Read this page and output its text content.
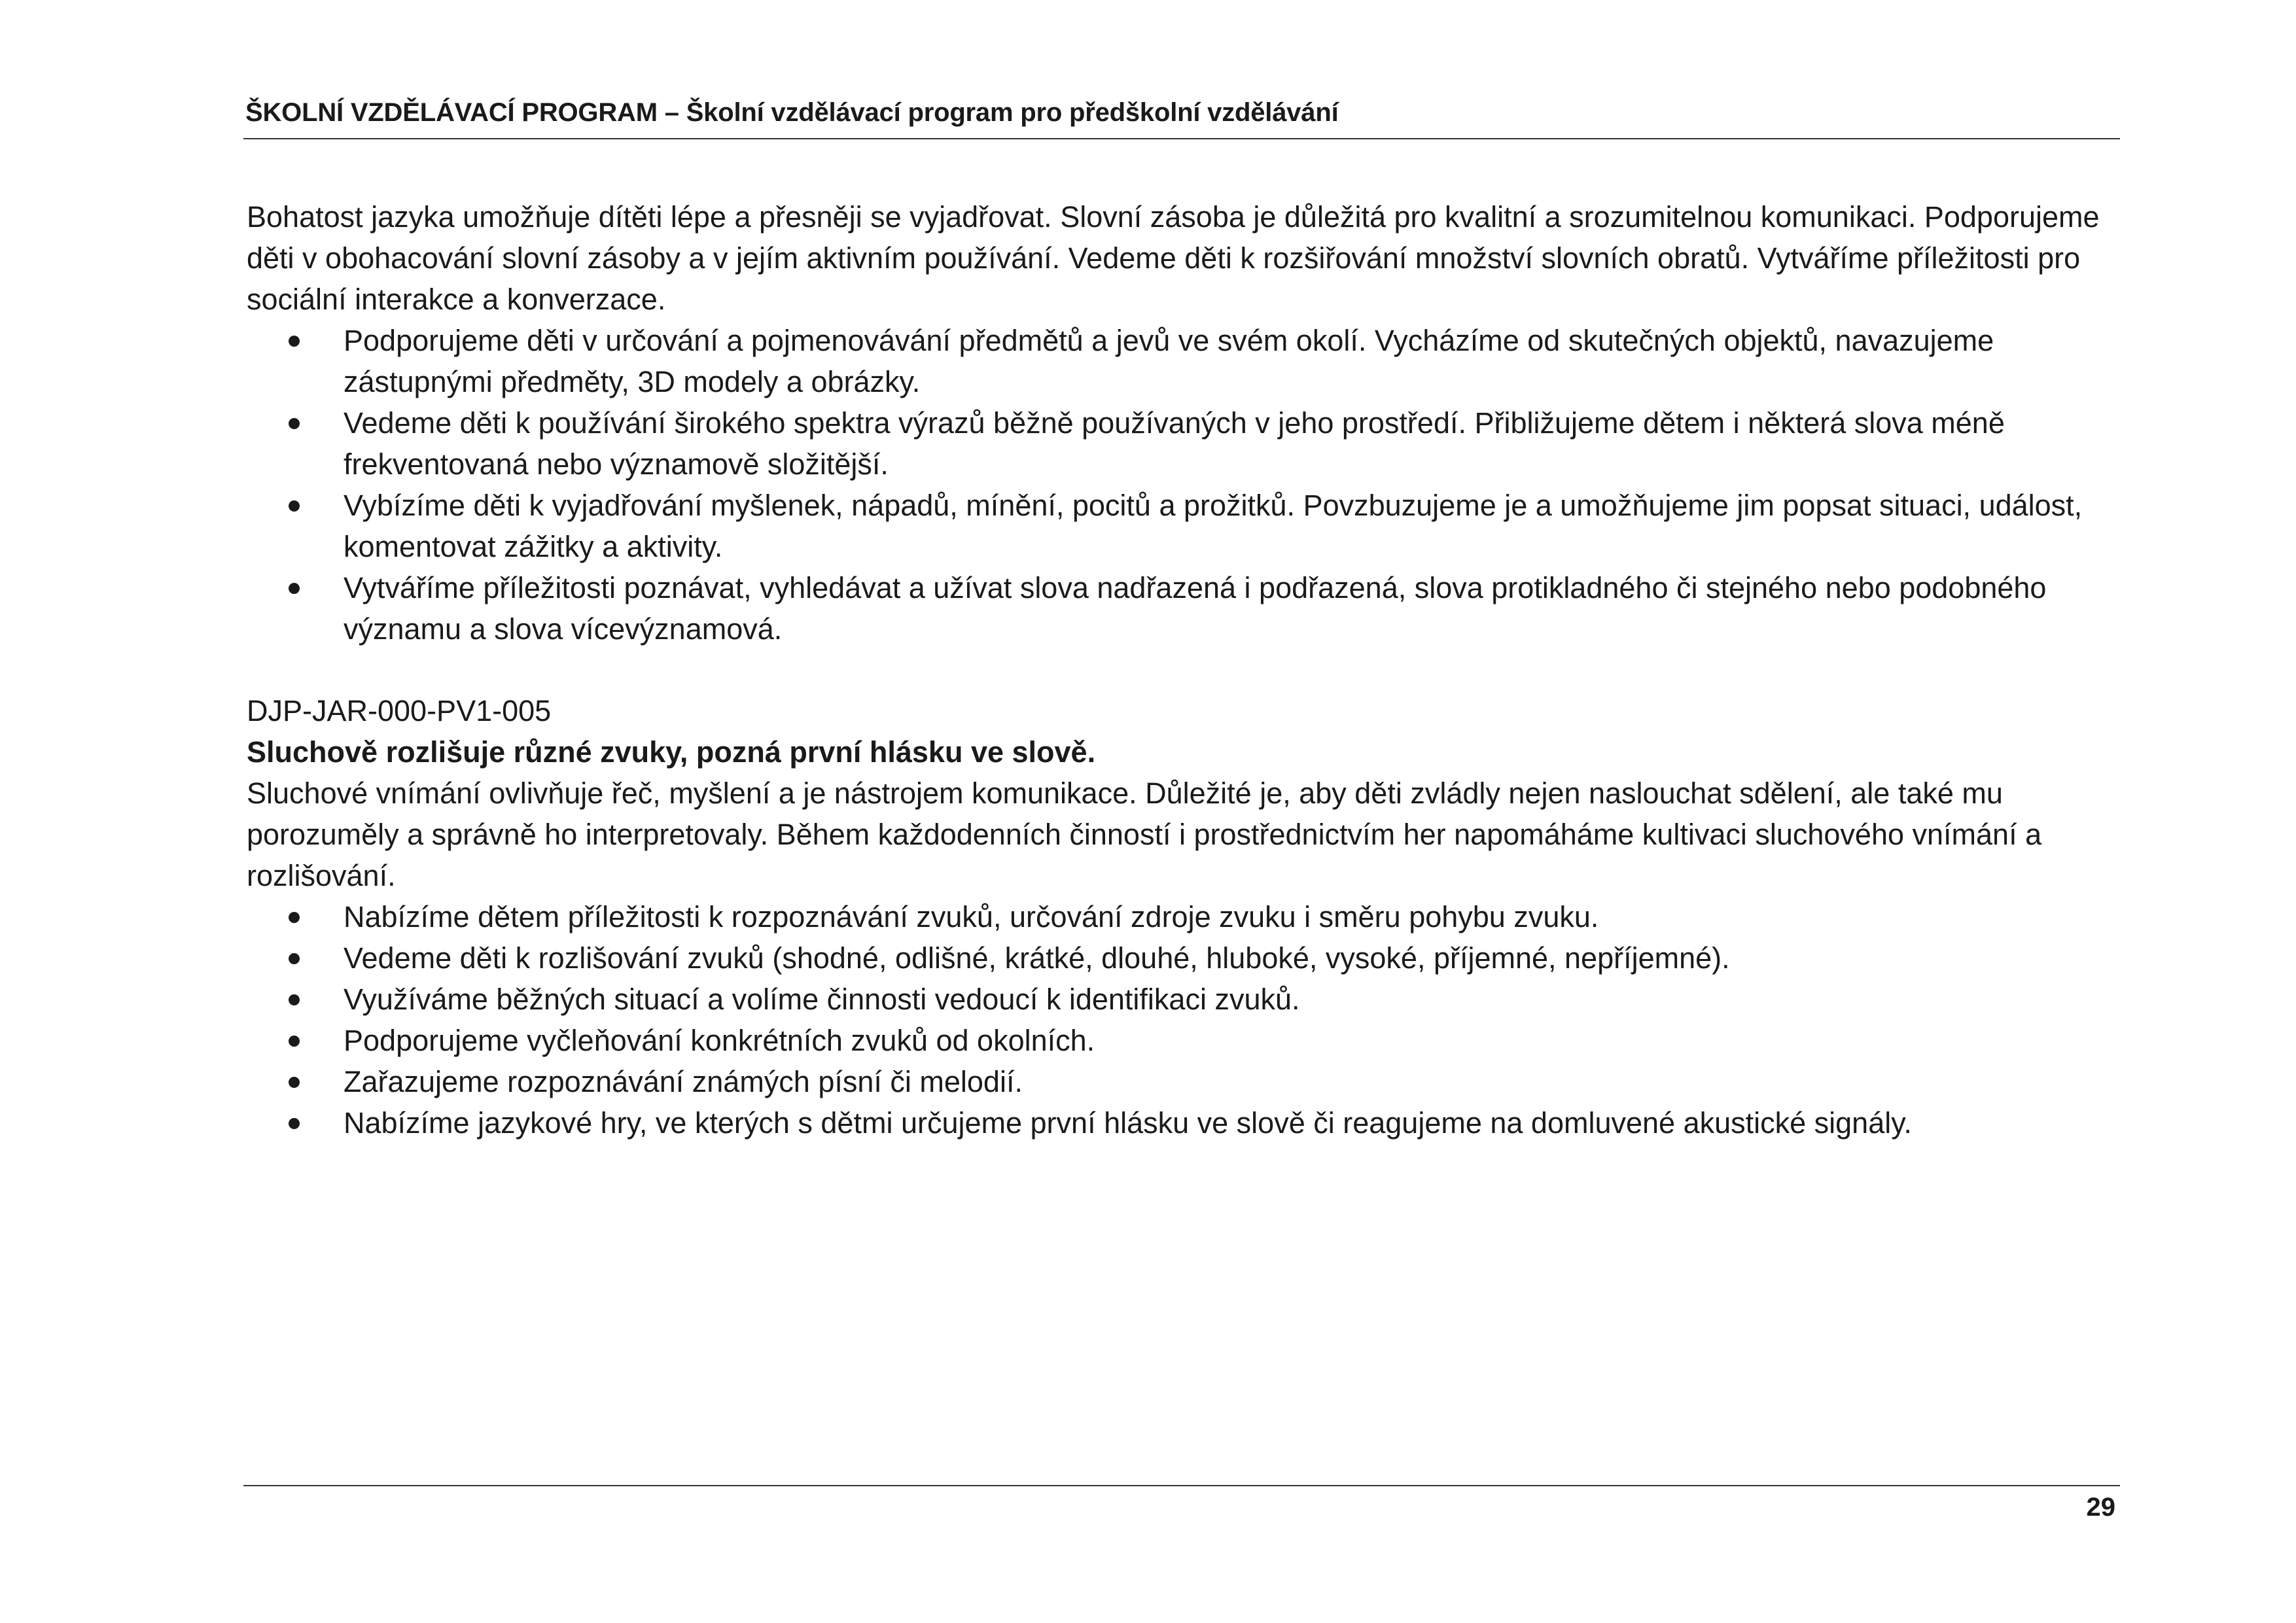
ŠKOLNÍ VZDĚLÁVACÍ PROGRAM – Školní vzdělávací program pro předškolní vzdělávání

Bohatost jazyka umožňuje dítěti lépe a přesněji se vyjadřovat. Slovní zásoba je důležitá pro kvalitní a srozumitelnou komunikaci. Podporujeme děti v obohacování slovní zásoby a v jejím aktivním používání. Vedeme děti k rozšiřování množství slovních obratů. Vytváříme příležitosti pro sociální interakce a konverzace.

Podporujeme děti v určování a pojmenovávání předmětů a jevů ve svém okolí. Vycházíme od skutečných objektů, navazujeme zástupnými předměty, 3D modely a obrázky.
Vedeme děti k používání širokého spektra výrazů běžně používaných v jeho prostředí. Přibližujeme dětem i některá slova méně frekventovaná nebo významově složitější.
Vybízíme děti k vyjadřování myšlenek, nápadů, mínění, pocitů a prožitků. Povzbuzujeme je a umožňujeme jim popsat situaci, událost, komentovat zážitky a aktivity.
Vytváříme příležitosti poznávat, vyhledávat a užívat slova nadřazená i podřazená, slova protikladného či stejného nebo podobného významu a slova vícevýznamová.

DJP-JAR-000-PV1-005

Sluchově rozlišuje různé zvuky, pozná první hlásku ve slově.

Sluchové vnímání ovlivňuje řeč, myšlení a je nástrojem komunikace. Důležité je, aby děti zvládly nejen naslouchat sdělení, ale také mu porozuměly a správně ho interpretovaly. Během každodenních činností i prostřednictvím her napomáháme kultivaci sluchového vnímání a rozlišování.

Nabízíme dětem příležitosti k rozpoznávání zvuků, určování zdroje zvuku i směru pohybu zvuku.
Vedeme děti k rozlišování zvuků (shodné, odlišné, krátké, dlouhé, hluboké, vysoké, příjemné, nepříjemné).
Využíváme běžných situací a volíme činnosti vedoucí k identifikaci zvuků.
Podporujeme vyčleňování konkrétních zvuků od okolních.
Zařazujeme rozpoznávání známých písní či melodií.
Nabízíme jazykové hry, ve kterých s dětmi určujeme první hlásku ve slově či reagujeme na domluvené akustické signály.
29
